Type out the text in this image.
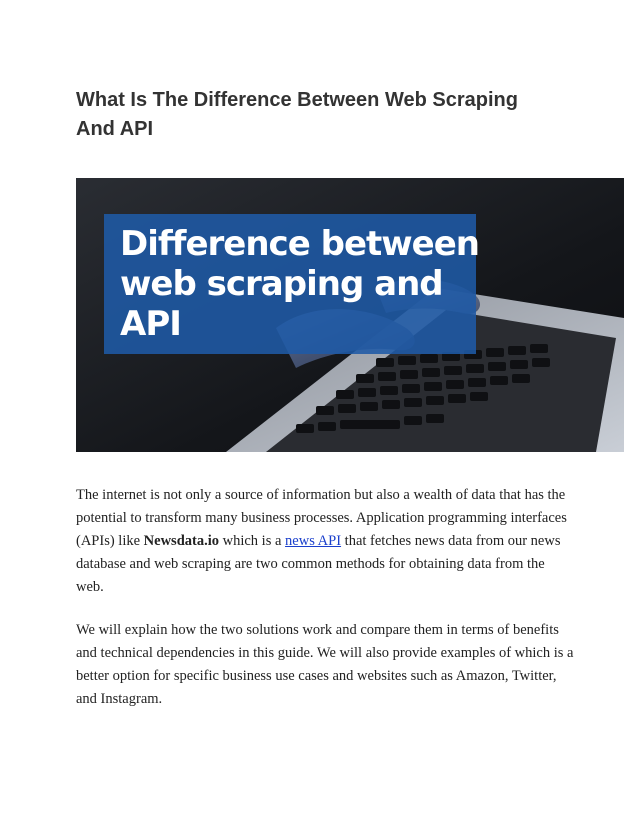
What Is The Difference Between Web Scraping And API
Difference between
web scraping and
API

The internet is not only a source of information but also a wealth of data that has the potential to transform many business processes. Application programming interfaces (APIs) like Newsdata.io which is a news API that fetches news data from our news database and web scraping are two common methods for obtaining data from the web.

We will explain how the two solutions work and compare them in terms of benefits and technical dependencies in this guide. We will also provide examples of which is a better option for specific business use cases and websites such as Amazon, Twitter, and Instagram.
